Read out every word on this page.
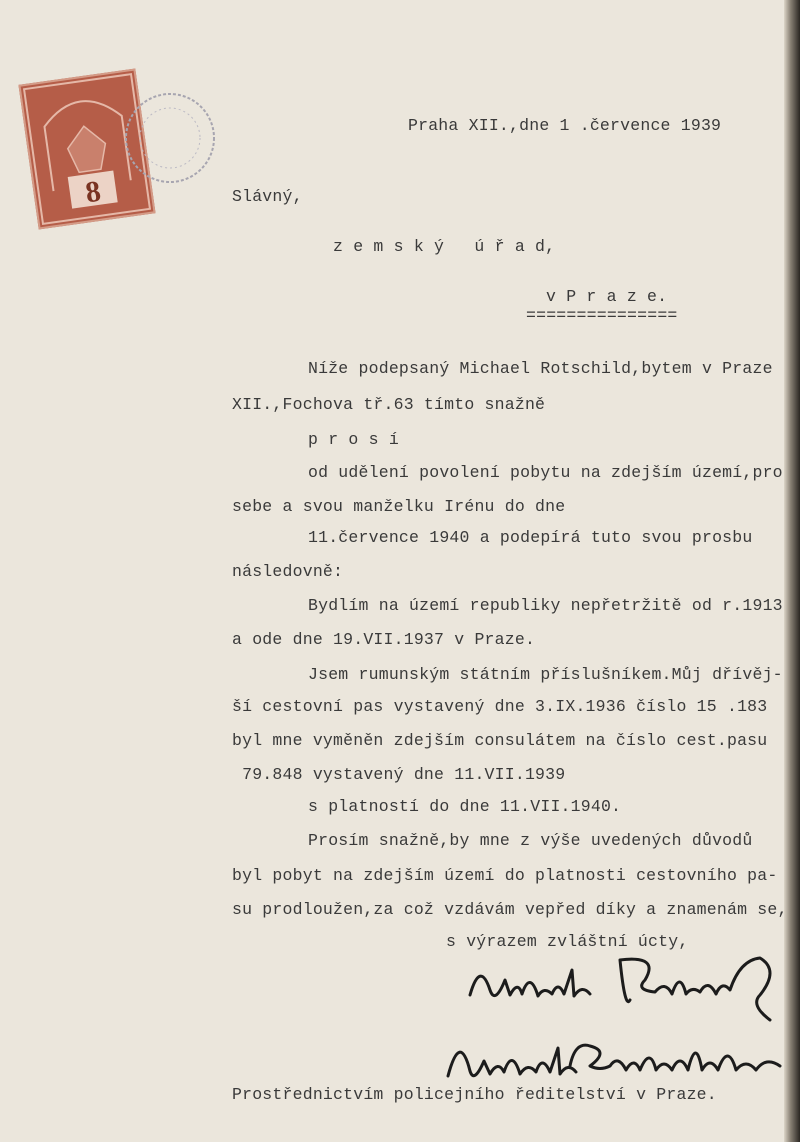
8
Praha XII.,dne 1 .července 1939
Slávný,
z e m s k ý   ú ř a d,
v P r a z e.
===============
Níže podepsaný Michael Rotschild,bytem v Praze
XII.,Fochova tř.63 tímto snažně
p r o s í
od udělení povolení pobytu na zdejším území,pro
sebe a svou manželku Irénu do dne
11.července 1940 a podepírá tuto svou prosbu
následovně:
Bydlím na území republiky nepřetržitě od r.1913
a ode dne 19.VII.1937 v Praze.
Jsem rumunským státním příslušníkem.Můj dřívěj-
ší cestovní pas vystavený dne 3.IX.1936 číslo 15 .183
byl mne vyměněn zdejším consulátem na číslo cest.pasu
79.848 vystavený dne 11.VII.1939
s platností do dne 11.VII.1940.
Prosím snažně,by mne z výše uvedených důvodů
byl pobyt na zdejším území do platnosti cestovního pa-
su prodloužen,za což vzdávám vepřed díky a znamenám se,
s výrazem zvláštní úcty,
Prostřednictvím policejního ředitelství v Praze.
